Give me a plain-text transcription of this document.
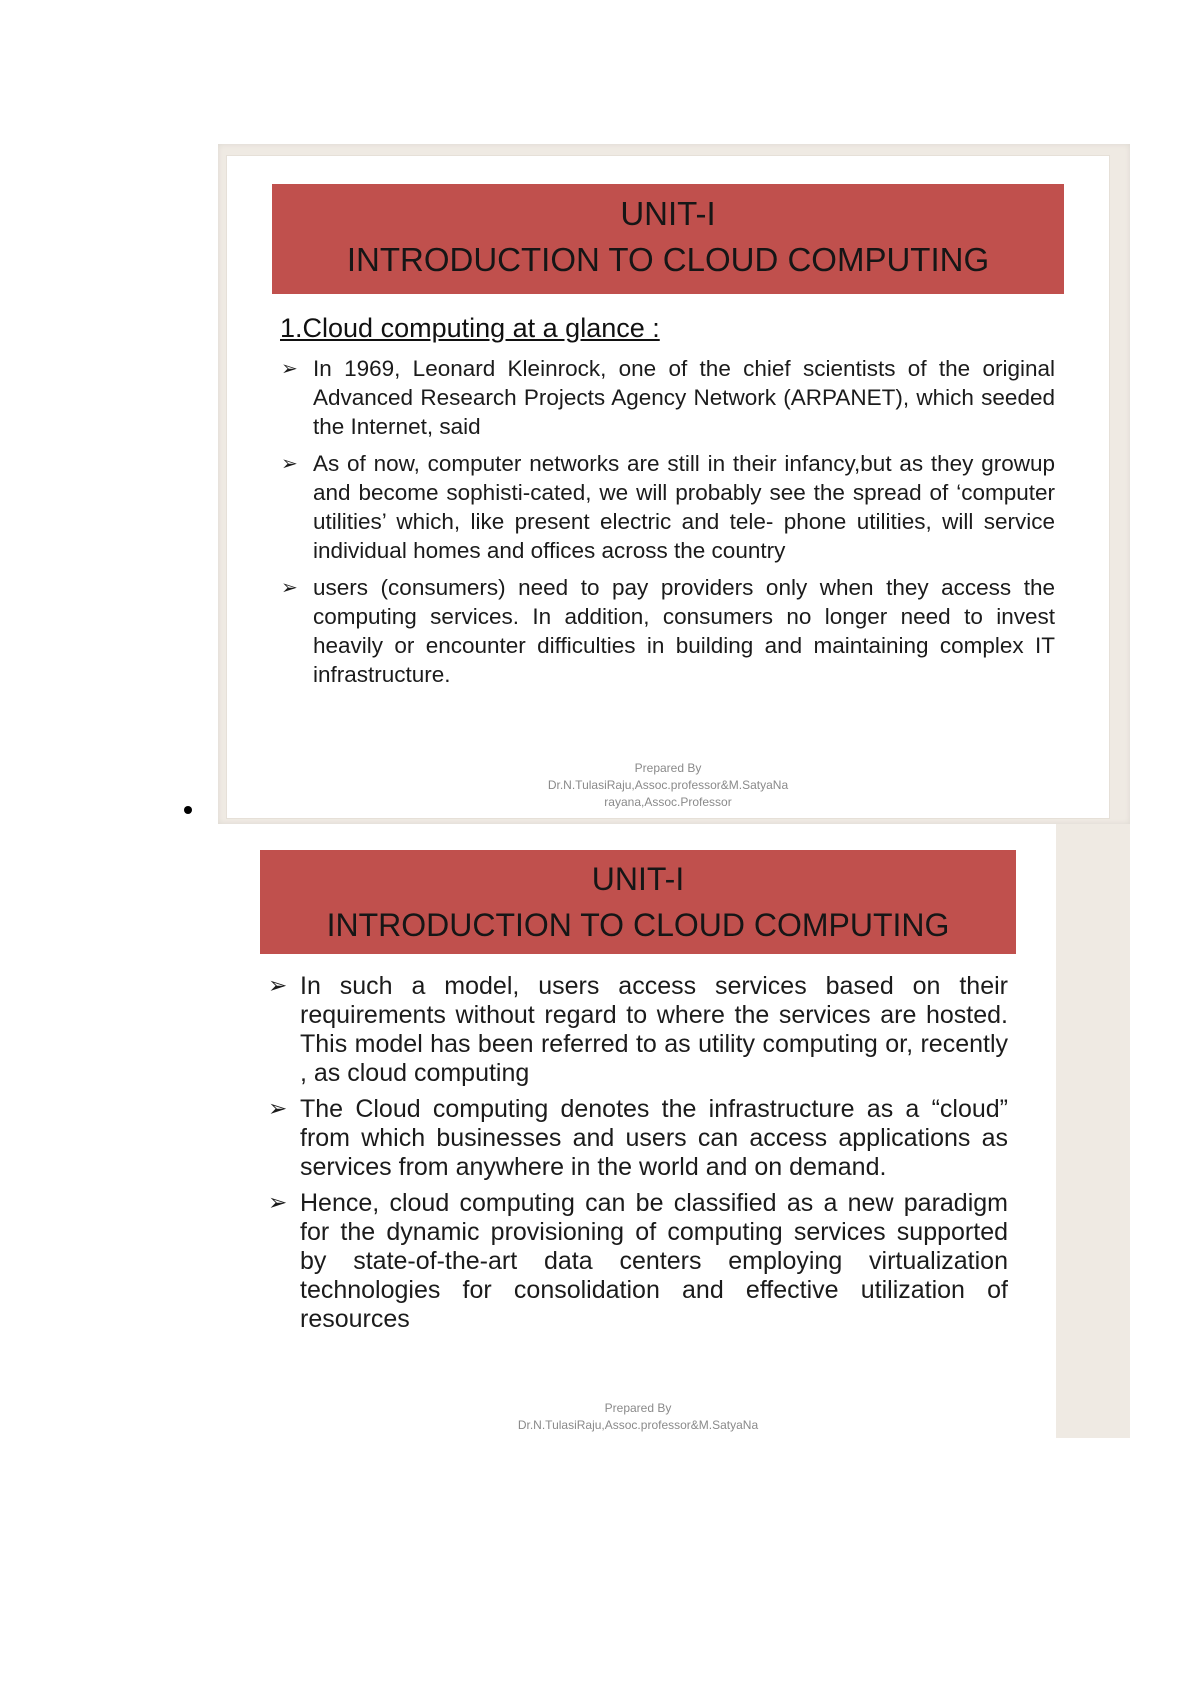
UNIT-I
INTRODUCTION TO CLOUD COMPUTING
1.Cloud computing at a glance :
➢ In 1969, Leonard Kleinrock, one of the chief scientists of the original Advanced Research Projects Agency Network (ARPANET), which seeded the Internet, said
➢ As of now, computer networks are still in their infancy,but as they growup and become sophisti-cated, we will probably see the spread of ‘computer utilities’ which, like present electric and tele- phone utilities, will service individual homes and offices across the country
➢ users (consumers) need to pay providers only when they access the computing services. In addition, consumers no longer need to invest heavily or encounter difficulties in building and maintaining complex IT infrastructure.
Prepared By
Dr.N.TulasiRaju,Assoc.professor&M.SatyaNa
rayana,Assoc.Professor
UNIT-I
INTRODUCTION TO CLOUD COMPUTING
➢ In such a model, users access services based on their requirements without regard to where the services are hosted. This model has been referred to as utility computing or, recently , as cloud computing
➢ The Cloud computing denotes the infrastructure as a “cloud” from which businesses and users can access applications as services from anywhere in the world and on demand.
➢ Hence, cloud computing can be classified as a new paradigm for the dynamic provisioning of computing services supported by state-of-the-art data centers employing virtualization technologies for consolidation and effective utilization of resources
Prepared By
Dr.N.TulasiRaju,Assoc.professor&M.SatyaNa
